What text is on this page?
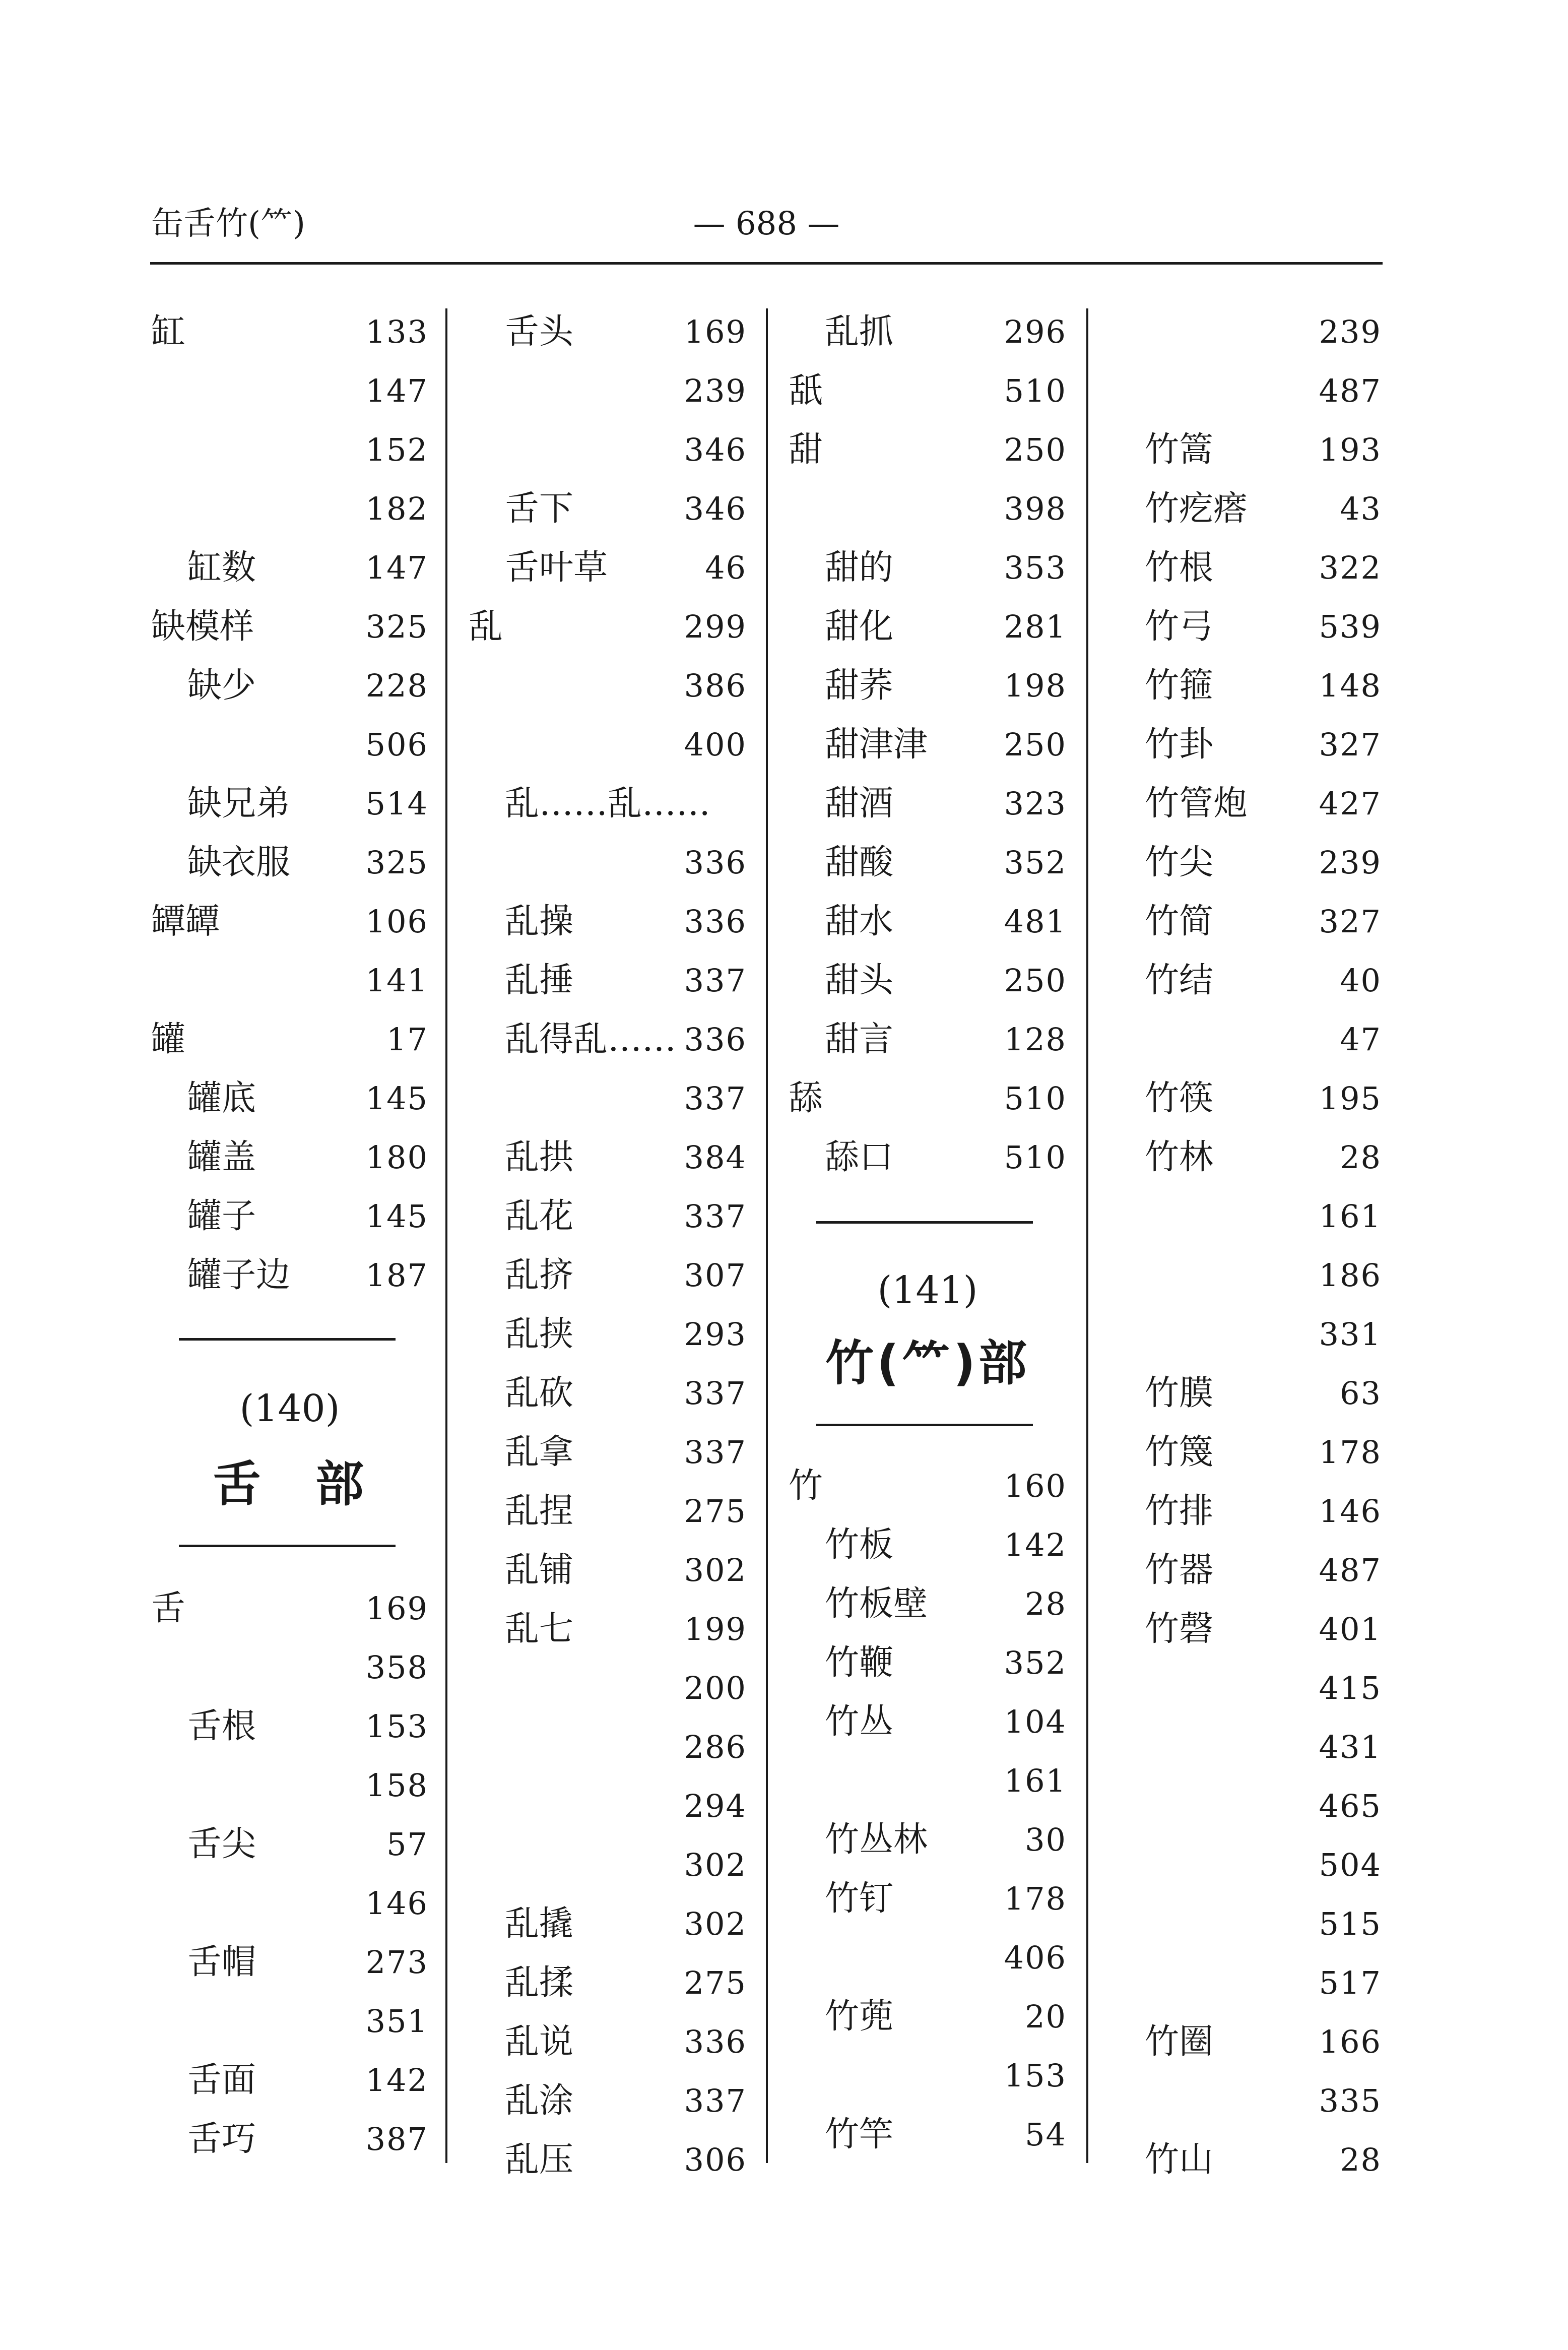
缶舌竹(⺮)	— 688 —
缸	133
147
152
182
缸数	147
缺模样	325
缺少	228
506
缺兄弟 514
缺衣服 325
罈罈	106
141
罐	17
罐底	145
罐盖	180
罐子	145
罐子边 187
(140)
舌　部
舌	169
358
舌根	153
158
舌尖	57
146
舌帽	273
351
舌面	142
舌巧	387
舌头	169
239
346
舌下	346
舌叶草	46
乱	299
386
400
乱……乱……
336
乱操	336
乱捶	337
乱得乱…… 336
337
乱拱	384
乱花	337
乱挤	307
乱挟	293
乱砍	337
乱拿	337
乱捏	275
乱铺	302
乱七	199
200
286
294
302
乱撬	302
乱揉	275
乱说	336
乱涂	337
乱压	306
乱抓	296
舐	510
甜	250
398
甜的	353
甜化	281
甜荞	198
甜津津 250
甜酒	323
甜酸	352
甜水	481
甜头	250
甜言	128
舔	510
舔口	510
(141)
竹(⺮)部
竹	160
竹板	142
竹板壁	28
竹鞭	352
竹丛	104
161
竹丛林	30
竹钉	178
406
竹蔸	20
153
竹竿	54
239
487
竹篙	193
竹疙瘩	43
竹根	322
竹弓	539
竹箍	148
竹卦	327
竹管炮 427
竹尖	239
竹简	327
竹结	40
47
竹筷	195
竹林	28
161
186
331
竹膜	63
竹篾	178
竹排	146
竹器	487
竹磬	401
415
431
465
504
515
517
竹圈	166
335
竹山	28
